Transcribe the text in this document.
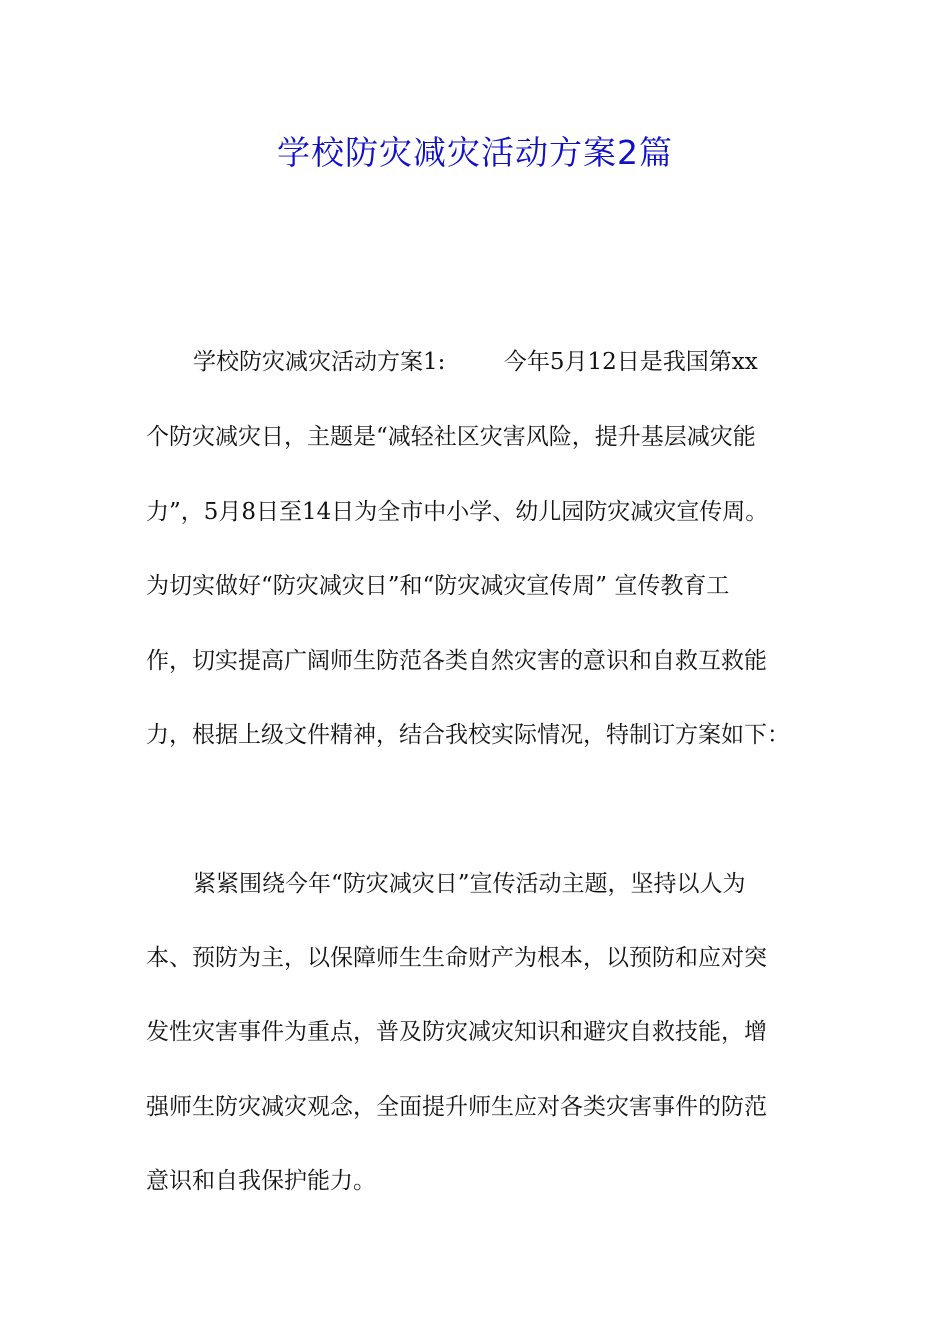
学校防灾减灾活动方案2篇

学校防灾减灾活动方案1:        今年5月12日是我国第xx

个防灾减灾日，主题是“减轻社区灾害风险，提升基层减灾能

力”，5月8日至14日为全市中小学、幼儿园防灾减灾宣传周。

为切实做好“防灾减灾日”和“防灾减灾宣传周” 宣传教育工

作，切实提高广阔师生防范各类自然灾害的意识和自救互救能

力，根据上级文件精神，结合我校实际情况，特制订方案如下：

紧紧围绕今年“防灾减灾日”宣传活动主题，坚持以人为

本、预防为主，以保障师生生命财产为根本，以预防和应对突

发性灾害事件为重点，普及防灾减灾知识和避灾自救技能，增

强师生防灾减灾观念，全面提升师生应对各类灾害事件的防范

意识和自我保护能力。
